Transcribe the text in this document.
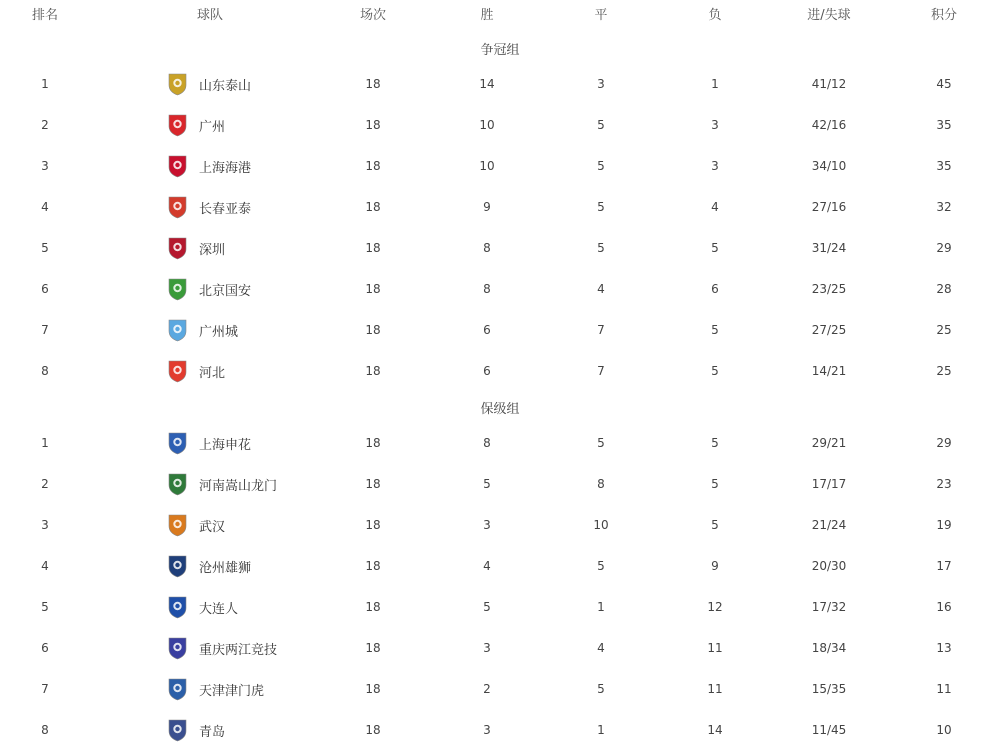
排名	球队	场次	胜	平	负	进/失球	积分
争冠组
1	山东泰山	18	14	3	1	41/12	45
2	广州	18	10	5	3	42/16	35
3	上海海港	18	10	5	3	34/10	35
4	长春亚泰	18	9	5	4	27/16	32
5	深圳	18	8	5	5	31/24	29
6	北京国安	18	8	4	6	23/25	28
7	广州城	18	6	7	5	27/25	25
8	河北	18	6	7	5	14/21	25
保级组
1	上海申花	18	8	5	5	29/21	29
2	河南嵩山龙门	18	5	8	5	17/17	23
3	武汉	18	3	10	5	21/24	19
4	沧州雄狮	18	4	5	9	20/30	17
5	大连人	18	5	1	12	17/32	16
6	重庆两江竞技	18	3	4	11	18/34	13
7	天津津门虎	18	2	5	11	15/35	11
8	青岛	18	3	1	14	11/45	10
